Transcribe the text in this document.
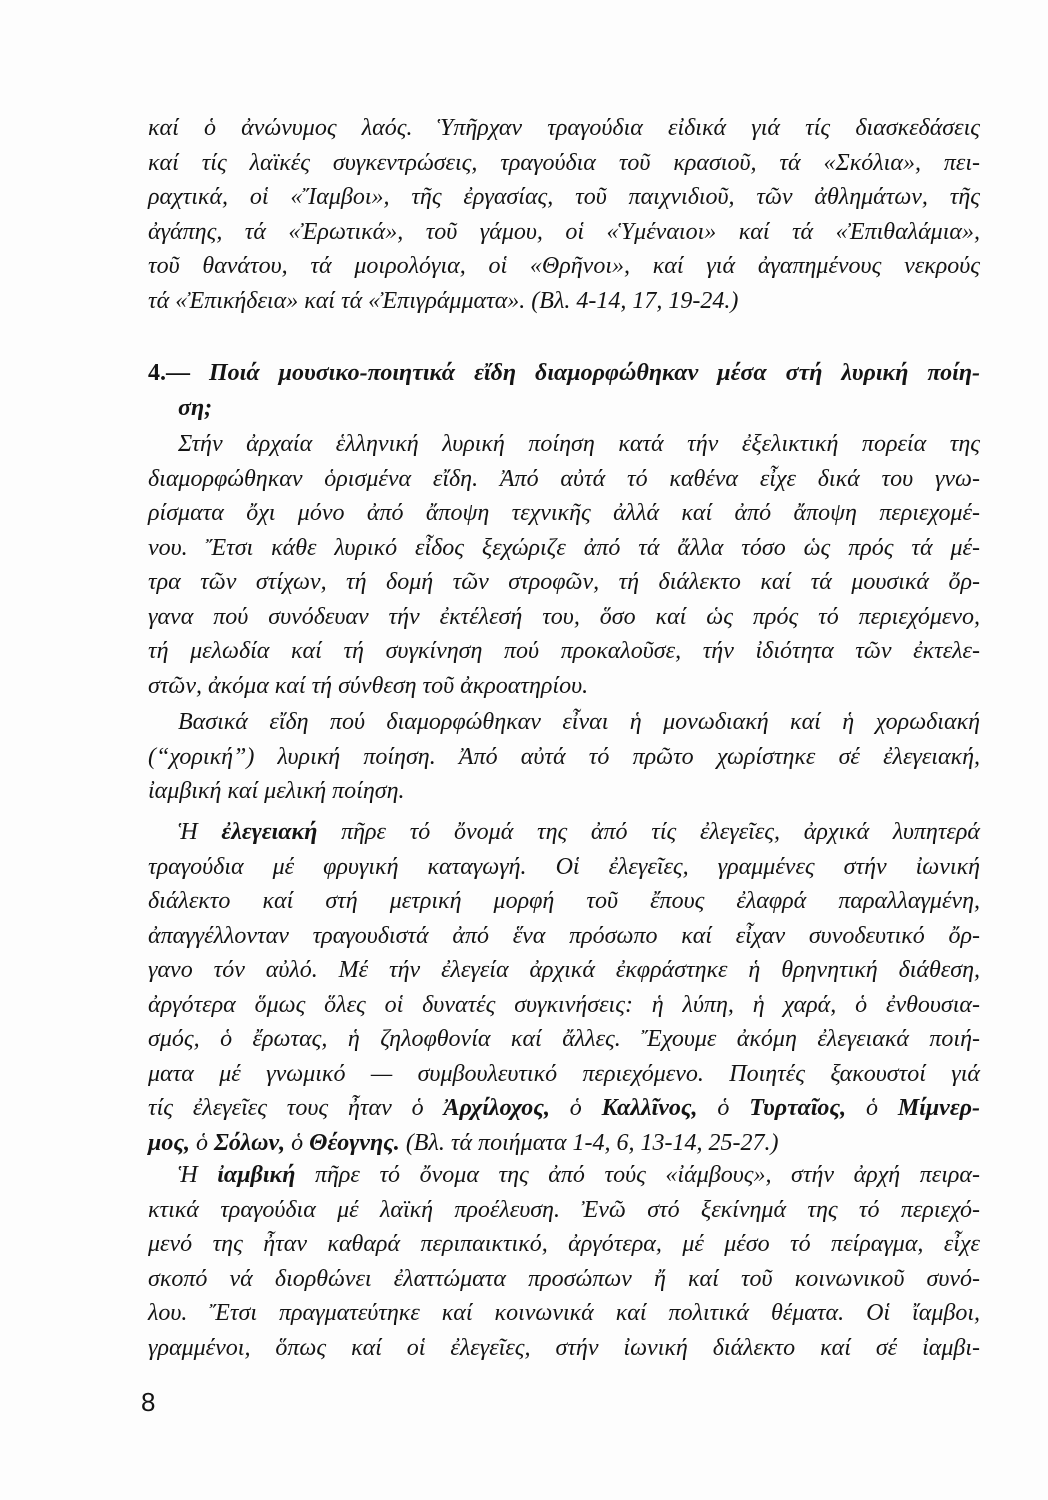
καί ὁ ἀνώνυμος λαός. Ὑπῆρχαν τραγούδια εἰδικά γιά τίς διασκεδάσεις
καί τίς λαϊκές συγκεντρώσεις, τραγούδια τοῦ κρασιοῦ, τά «Σκόλια», πει-
ραχτικά, οἱ «Ἴαμβοι», τῆς ἐργασίας, τοῦ παιχνιδιοῦ, τῶν ἀθλημάτων, τῆς
ἀγάπης, τά «Ἐρωτικά», τοῦ γάμου, οἱ «Ὑμέναιοι» καί τά «Ἐπιθαλάμια»,
τοῦ θανάτου, τά μοιρολόγια, οἱ «Θρῆνοι», καί γιά ἀγαπημένους νεκρούς
τά «Ἐπικήδεια» καί τά «Ἐπιγράμματα». (Βλ. 4-14, 17, 19-24.)
4.— Ποιά μουσικο-ποιητικά εἴδη διαμορφώθηκαν μέσα στή λυρική ποίη-
ση;
Στήν ἀρχαία ἑλληνική λυρική ποίηση κατά τήν ἐξελικτική πορεία της
διαμορφώθηκαν ὁρισμένα εἴδη. Ἀπό αὐτά τό καθένα εἶχε δικά του γνω-
ρίσματα ὄχι μόνο ἀπό ἄποψη τεχνικῆς ἀλλά καί ἀπό ἄποψη περιεχομέ-
νου. Ἔτσι κάθε λυρικό εἶδος ξεχώριζε ἀπό τά ἄλλα τόσο ὡς πρός τά μέ-
τρα τῶν στίχων, τή δομή τῶν στροφῶν, τή διάλεκτο καί τά μουσικά ὄρ-
γανα πού συνόδευαν τήν ἐκτέλεσή του, ὅσο καί ὡς πρός τό περιεχόμενο,
τή μελωδία καί τή συγκίνηση πού προκαλοῦσε, τήν ἰδιότητα τῶν ἐκτελε-
στῶν, ἀκόμα καί τή σύνθεση τοῦ ἀκροατηρίου.
Βασικά εἴδη πού διαμορφώθηκαν εἶναι ἡ μονωδιακή καί ἡ χορωδιακή
(“χορική”) λυρική ποίηση. Ἀπό αὐτά τό πρῶτο χωρίστηκε σέ ἐλεγειακή,
ἰαμβική καί μελική ποίηση.
Ἡ ἐλεγειακή πῆρε τό ὄνομά της ἀπό τίς ἐλεγεῖες, ἀρχικά λυπητερά
τραγούδια μέ φρυγική καταγωγή. Οἱ ἐλεγεῖες, γραμμένες στήν ἰωνική
διάλεκτο καί στή μετρική μορφή τοῦ ἔπους ἐλαφρά παραλλαγμένη,
ἀπαγγέλλονταν τραγουδιστά ἀπό ἕνα πρόσωπο καί εἶχαν συνοδευτικό ὄρ-
γανο τόν αὐλό. Μέ τήν ἐλεγεία ἀρχικά ἐκφράστηκε ἡ θρηνητική διάθεση,
ἀργότερα ὅμως ὅλες οἱ δυνατές συγκινήσεις: ἡ λύπη, ἡ χαρά, ὁ ἐνθουσια-
σμός, ὁ ἔρωτας, ἡ ζηλοφθονία καί ἄλλες. Ἔχουμε ἀκόμη ἐλεγειακά ποιή-
ματα μέ γνωμικό — συμβουλευτικό περιεχόμενο. Ποιητές ξακουστοί γιά
τίς ἐλεγεῖες τους ἦταν ὁ Ἀρχίλοχος, ὁ Καλλῖνος, ὁ Τυρταῖος, ὁ Μίμνερ-
μος, ὁ Σόλων, ὁ Θέογνης. (Βλ. τά ποιήματα 1-4, 6, 13-14, 25-27.)
Ἡ ἰαμβική πῆρε τό ὄνομα της ἀπό τούς «ἰάμβους», στήν ἀρχή πειρα-
κτικά τραγούδια μέ λαϊκή προέλευση. Ἐνῶ στό ξεκίνημά της τό περιεχό-
μενό της ἦταν καθαρά περιπαικτικό, ἀργότερα, μέ μέσο τό πείραγμα, εἶχε
σκοπό νά διορθώνει ἐλαττώματα προσώπων ἤ καί τοῦ κοινωνικοῦ συνό-
λου. Ἔτσι πραγματεύτηκε καί κοινωνικά καί πολιτικά θέματα. Οἱ ἴαμβοι,
γραμμένοι, ὅπως καί οἱ ἐλεγεῖες, στήν ἰωνική διάλεκτο καί σέ ἰαμβι-
8
